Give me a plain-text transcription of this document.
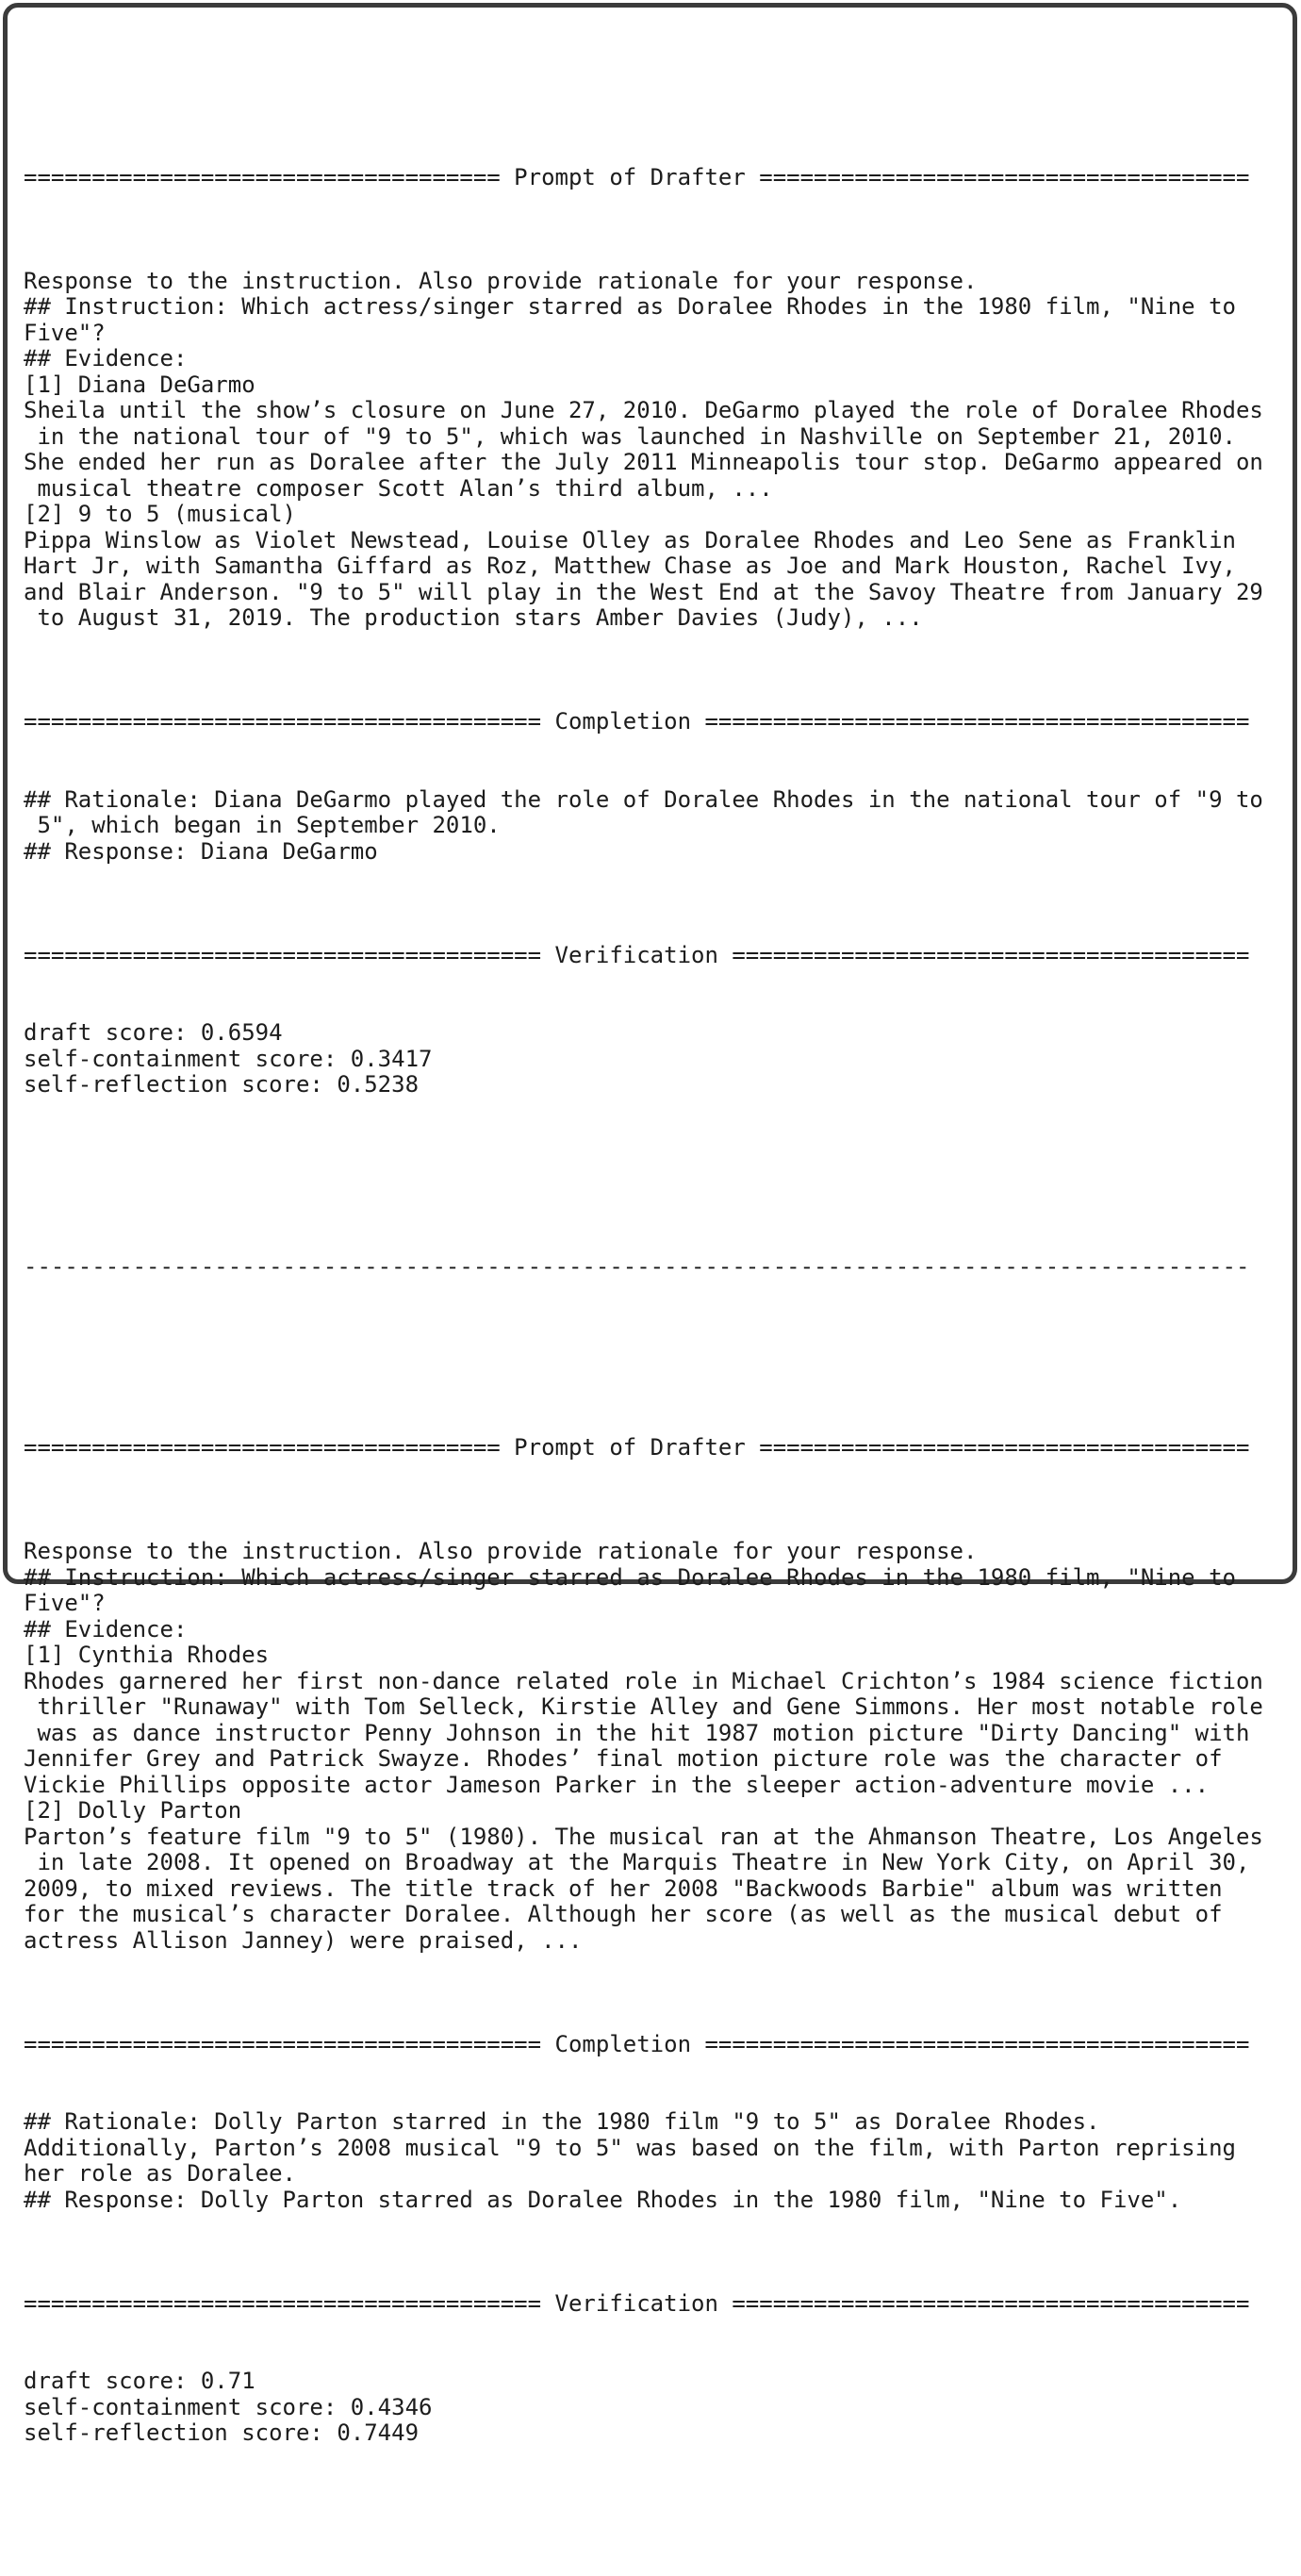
=================================== Prompt of Drafter ====================================

Response to the instruction. Also provide rationale for your response.
## Instruction: Which actress/singer starred as Doralee Rhodes in the 1980 film, "Nine to
Five"?
## Evidence:
[1] Diana DeGarmo
Sheila until the show’s closure on June 27, 2010. DeGarmo played the role of Doralee Rhodes
in the national tour of "9 to 5", which was launched in Nashville on September 21, 2010.
She ended her run as Doralee after the July 2011 Minneapolis tour stop. DeGarmo appeared on
musical theatre composer Scott Alan’s third album, ...
[2] 9 to 5 (musical)
Pippa Winslow as Violet Newstead, Louise Olley as Doralee Rhodes and Leo Sene as Franklin
Hart Jr, with Samantha Giffard as Roz, Matthew Chase as Joe and Mark Houston, Rachel Ivy,
and Blair Anderson. "9 to 5" will play in the West End at the Savoy Theatre from January 29
to August 31, 2019. The production stars Amber Davies (Judy), ...

====================================== Completion ========================================

## Rationale: Diana DeGarmo played the role of Doralee Rhodes in the national tour of "9 to
5", which began in September 2010.
## Response: Diana DeGarmo

====================================== Verification ======================================

draft score: 0.6594
self-containment score: 0.3417
self-reflection score: 0.5238

------------------------------------------------------------------------------------------

=================================== Prompt of Drafter ====================================

Response to the instruction. Also provide rationale for your response.
## Instruction: Which actress/singer starred as Doralee Rhodes in the 1980 film, "Nine to
Five"?
## Evidence:
[1] Cynthia Rhodes
Rhodes garnered her first non-dance related role in Michael Crichton’s 1984 science fiction
thriller "Runaway" with Tom Selleck, Kirstie Alley and Gene Simmons. Her most notable role
was as dance instructor Penny Johnson in the hit 1987 motion picture "Dirty Dancing" with
Jennifer Grey and Patrick Swayze. Rhodes’ final motion picture role was the character of
Vickie Phillips opposite actor Jameson Parker in the sleeper action-adventure movie ...
[2] Dolly Parton
Parton’s feature film "9 to 5" (1980). The musical ran at the Ahmanson Theatre, Los Angeles
in late 2008. It opened on Broadway at the Marquis Theatre in New York City, on April 30,
2009, to mixed reviews. The title track of her 2008 "Backwoods Barbie" album was written
for the musical’s character Doralee. Although her score (as well as the musical debut of
actress Allison Janney) were praised, ...

====================================== Completion ========================================

## Rationale: Dolly Parton starred in the 1980 film "9 to 5" as Doralee Rhodes.
Additionally, Parton’s 2008 musical "9 to 5" was based on the film, with Parton reprising
her role as Doralee.
## Response: Dolly Parton starred as Doralee Rhodes in the 1980 film, "Nine to Five".

====================================== Verification ======================================

draft score: 0.71
self-containment score: 0.4346
self-reflection score: 0.7449
